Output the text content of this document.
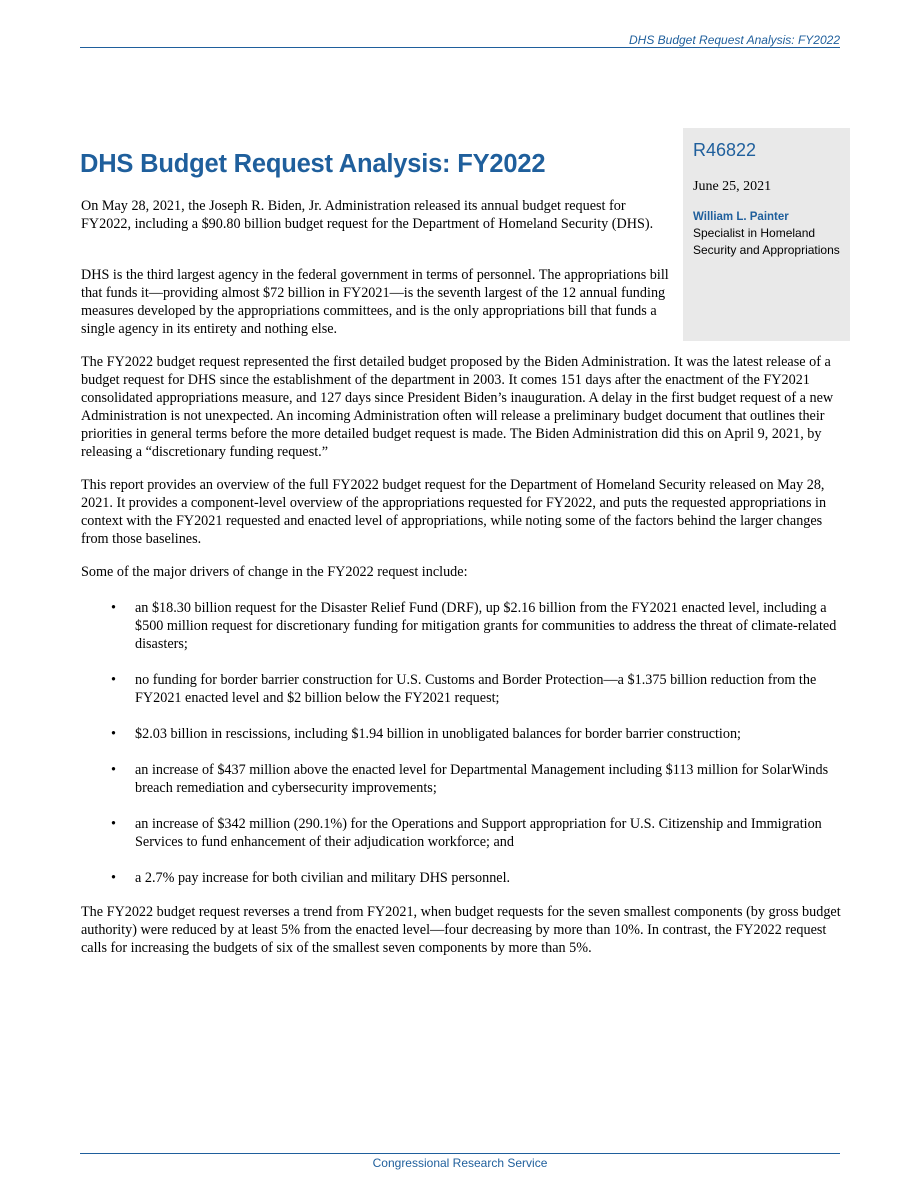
DHS Budget Request Analysis: FY2022
R46822
June 25, 2021
William L. Painter
Specialist in Homeland Security and Appropriations
DHS Budget Request Analysis: FY2022

On May 28, 2021, the Joseph R. Biden, Jr. Administration released its annual budget request for FY2022, including a $90.80 billion budget request for the Department of Homeland Security (DHS).

DHS is the third largest agency in the federal government in terms of personnel. The appropriations bill that funds it—providing almost $72 billion in FY2021—is the seventh largest of the 12 annual funding measures developed by the appropriations committees, and is the only appropriations bill that funds a single agency in its entirety and nothing else.

The FY2022 budget request represented the first detailed budget proposed by the Biden Administration. It was the latest release of a budget request for DHS since the establishment of the department in 2003. It comes 151 days after the enactment of the FY2021 consolidated appropriations measure, and 127 days since President Biden’s inauguration. A delay in the first budget request of a new Administration is not unexpected. An incoming Administration often will release a preliminary budget document that outlines their priorities in general terms before the more detailed budget request is made. The Biden Administration did this on April 9, 2021, by releasing a “discretionary funding request.”

This report provides an overview of the full FY2022 budget request for the Department of Homeland Security released on May 28, 2021. It provides a component-level overview of the appropriations requested for FY2022, and puts the requested appropriations in context with the FY2021 requested and enacted level of appropriations, while noting some of the factors behind the larger changes from those baselines.

Some of the major drivers of change in the FY2022 request include:

• an $18.30 billion request for the Disaster Relief Fund (DRF), up $2.16 billion from the FY2021 enacted level, including a $500 million request for discretionary funding for mitigation grants for communities to address the threat of climate-related disasters;
• no funding for border barrier construction for U.S. Customs and Border Protection—a $1.375 billion reduction from the FY2021 enacted level and $2 billion below the FY2021 request;
• $2.03 billion in rescissions, including $1.94 billion in unobligated balances for border barrier construction;
• an increase of $437 million above the enacted level for Departmental Management including $113 million for SolarWinds breach remediation and cybersecurity improvements;
• an increase of $342 million (290.1%) for the Operations and Support appropriation for U.S. Citizenship and Immigration Services to fund enhancement of their adjudication workforce; and
• a 2.7% pay increase for both civilian and military DHS personnel.

The FY2022 budget request reverses a trend from FY2021, when budget requests for the seven smallest components (by gross budget authority) were reduced by at least 5% from the enacted level—four decreasing by more than 10%. In contrast, the FY2022 request calls for increasing the budgets of six of the smallest seven components by more than 5%.

Congressional Research Service
